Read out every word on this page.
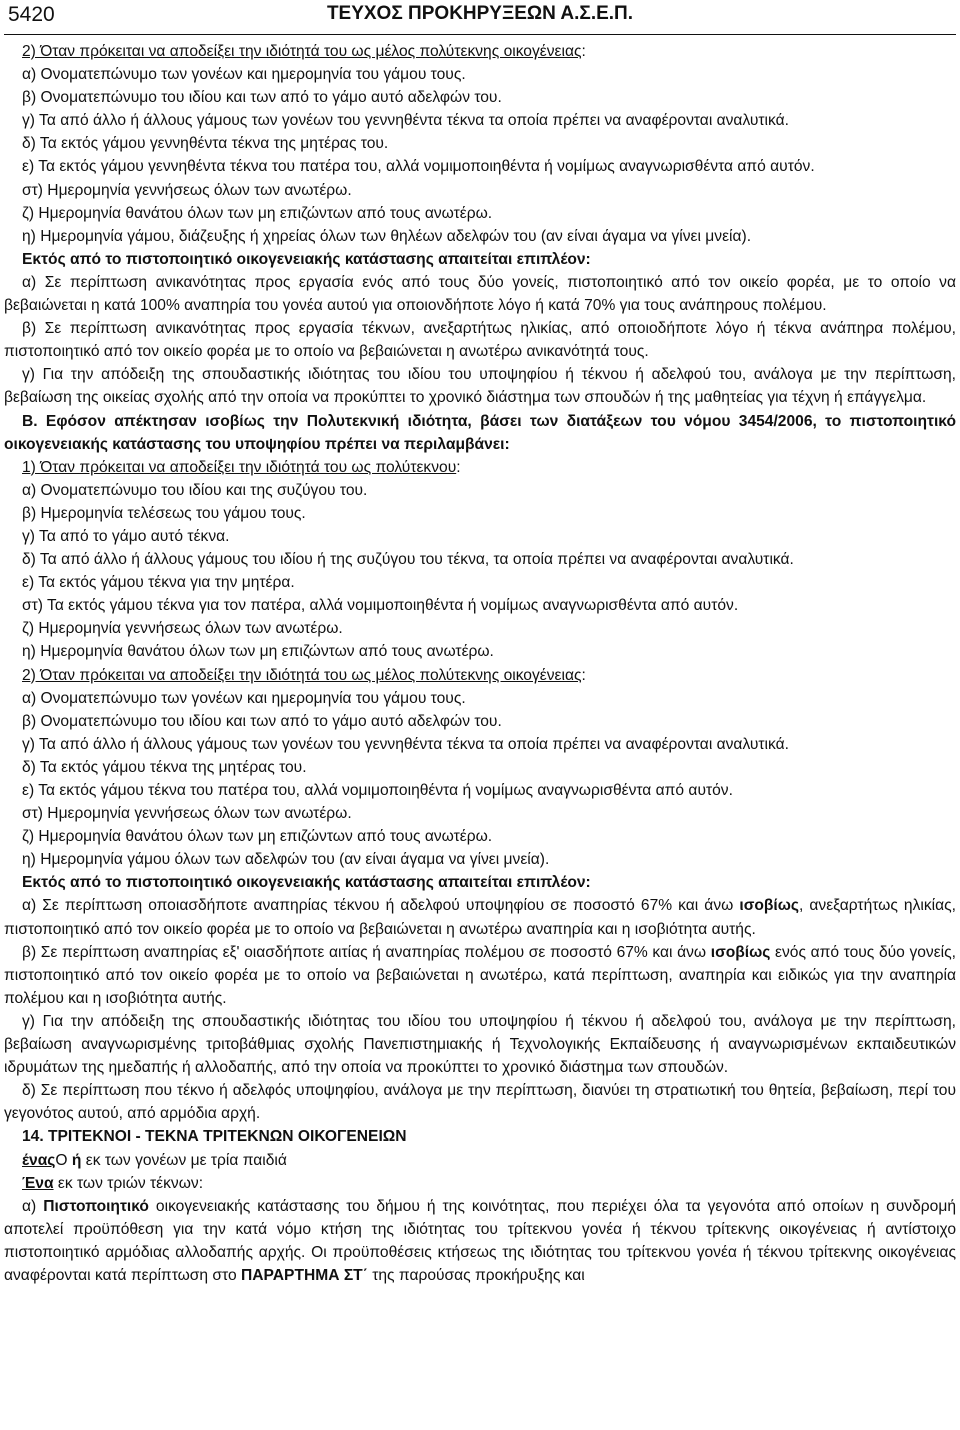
5420	ΤΕΥΧΟΣ ΠΡΟΚΗΡΥΞΕΩΝ Α.Σ.Ε.Π.

2) Όταν πρόκειται να αποδείξει την ιδιότητά του ως μέλος πολύτεκνης οικογένειας:

α) Ονοματεπώνυμο των γονέων και ημερομηνία του γάμου τους.

β) Ονοματεπώνυμο του ιδίου και των από το γάμο αυτό αδελφών του.

γ) Τα από άλλο ή άλλους γάμους των γονέων του γεννηθέντα τέκνα τα οποία πρέπει να αναφέρονται αναλυτικά.

δ) Τα εκτός γάμου γεννηθέντα τέκνα της μητέρας του.

ε) Τα εκτός γάμου γεννηθέντα τέκνα του πατέρα του, αλλά νομιμοποιηθέντα ή νομίμως αναγνωρισθέντα από αυτόν.

στ) Ημερομηνία γεννήσεως όλων των ανωτέρω.

ζ) Ημερομηνία θανάτου όλων των μη επιζώντων από τους ανωτέρω.

η) Ημερομηνία γάμου, διάζευξης ή χηρείας όλων των θηλέων αδελφών του (αν είναι άγαμα να γίνει μνεία).

Εκτός από το πιστοποιητικό οικογενειακής κατάστασης απαιτείται επιπλέον:

α) Σε περίπτωση ανικανότητας προς εργασία ενός από τους δύο γονείς, πιστοποιητικό από τον οικείο φορέα, με το οποίο να βεβαιώνεται η κατά 100% αναπηρία του γονέα αυτού για οποιονδήποτε λόγο ή κατά 70% για τους ανάπηρους πολέμου.

β) Σε περίπτωση ανικανότητας προς εργασία τέκνων, ανεξαρτήτως ηλικίας, από οποιοδήποτε λόγο ή τέκνα ανάπηρα πολέμου, πιστοποιητικό από τον οικείο φορέα με το οποίο να βεβαιώνεται η ανωτέρω ανικανότητά τους.

γ) Για την απόδειξη της σπουδαστικής ιδιότητας του ιδίου του υποψηφίου ή τέκνου ή αδελφού του, ανάλογα με την περίπτωση, βεβαίωση της οικείας σχολής από την οποία να προκύπτει το χρονικό διάστημα των σπουδών ή της μαθητείας για τέχνη ή επάγγελμα.

Β. Εφόσον απέκτησαν ισοβίως την Πολυτεκνική ιδιότητα, βάσει των διατάξεων του νόμου 3454/2006, το πιστοποιητικό οικογενειακής κατάστασης του υποψηφίου πρέπει να περιλαμβάνει:

1) Όταν πρόκειται να αποδείξει την ιδιότητά του ως πολύτεκνου:

α) Ονοματεπώνυμο του ιδίου και της συζύγου του.

β) Ημερομηνία τελέσεως του γάμου τους.

γ) Τα από το γάμο αυτό τέκνα.

δ) Τα από άλλο ή άλλους γάμους του ιδίου ή της συζύγου του τέκνα, τα οποία πρέπει να αναφέρονται αναλυτικά.

ε) Τα εκτός γάμου τέκνα για την μητέρα.

στ) Τα εκτός γάμου τέκνα για τον πατέρα, αλλά νομιμοποιηθέντα ή νομίμως αναγνωρισθέντα από αυτόν.

ζ) Ημερομηνία γεννήσεως όλων των ανωτέρω.

η) Ημερομηνία θανάτου όλων των μη επιζώντων από τους ανωτέρω.

2) Όταν πρόκειται να αποδείξει την ιδιότητά του ως μέλος πολύτεκνης οικογένειας:

α) Ονοματεπώνυμο των γονέων και ημερομηνία του γάμου τους.

β) Ονοματεπώνυμο του ιδίου και των από το γάμο αυτό αδελφών του.

γ) Τα από άλλο ή άλλους γάμους των γονέων του γεννηθέντα τέκνα τα οποία πρέπει να αναφέρονται αναλυτικά.

δ) Τα εκτός γάμου τέκνα της μητέρας του.

ε) Τα εκτός γάμου τέκνα του πατέρα του, αλλά νομιμοποιηθέντα ή νομίμως αναγνωρισθέντα από αυτόν.

στ) Ημερομηνία γεννήσεως όλων των ανωτέρω.

ζ) Ημερομηνία θανάτου όλων των μη επιζώντων από τους ανωτέρω.

η) Ημερομηνία γάμου όλων των αδελφών του (αν είναι άγαμα να γίνει μνεία).

Εκτός από το πιστοποιητικό οικογενειακής κατάστασης απαιτείται επιπλέον:

α) Σε περίπτωση οποιασδήποτε αναπηρίας τέκνου ή αδελφού υποψηφίου σε ποσοστό 67% και άνω ισοβίως, ανεξαρτήτως ηλικίας, πιστοποιητικό από τον οικείο φορέα με το οποίο να βεβαιώνεται η ανωτέρω αναπηρία και η ισοβιότητα αυτής.

β) Σε περίπτωση αναπηρίας εξ' οιασδήποτε αιτίας ή αναπηρίας πολέμου σε ποσοστό 67% και άνω ισοβίως ενός από τους δύο γονείς, πιστοποιητικό από τον οικείο φορέα με το οποίο να βεβαιώνεται η ανωτέρω, κατά περίπτωση, αναπηρία και ειδικώς για την αναπηρία πολέμου και η ισοβιότητα αυτής.

γ) Για την απόδειξη της σπουδαστικής ιδιότητας του ιδίου του υποψηφίου ή τέκνου ή αδελφού του, ανάλογα με την περίπτωση, βεβαίωση αναγνωρισμένης τριτοβάθμιας σχολής Πανεπιστημιακής ή Τεχνολογικής Εκπαίδευσης ή αναγνωρισμένων εκπαιδευτικών ιδρυμάτων της ημεδαπής ή αλλοδαπής, από την οποία να προκύπτει το χρονικό διάστημα των σπουδών.

δ) Σε περίπτωση που τέκνο ή αδελφός υποψηφίου, ανάλογα με την περίπτωση, διανύει τη στρατιωτική του θητεία, βεβαίωση, περί του γεγονότος αυτού, από αρμόδια αρχή.

14. ΤΡΙΤΕΚΝΟΙ - ΤΕΚΝΑ ΤΡΙΤΕΚΝΩΝ ΟΙΚΟΓΕΝΕΙΩΝ

έναςΟ ή εκ των γονέων με τρία παιδιά

Ένα εκ των τριών τέκνων:

α) Πιστοποιητικό οικογενειακής κατάστασης του δήμου ή της κοινότητας, που περιέχει όλα τα γεγονότα από οποίων η συνδρομή αποτελεί προϋπόθεση για την κατά νόμο κτήση της ιδιότητας του τρίτεκνου γονέα ή τέκνου τρίτεκνης οικογένειας ή αντίστοιχο πιστοποιητικό αρμόδιας αλλοδαπής αρχής. Οι προϋποθέσεις κτήσεως της ιδιότητας του τρίτεκνου γονέα ή τέκνου τρίτεκνης οικογένειας αναφέρονται κατά περίπτωση στο ΠΑΡΑΡΤΗΜΑ ΣΤ΄ της παρούσας προκήρυξης και
